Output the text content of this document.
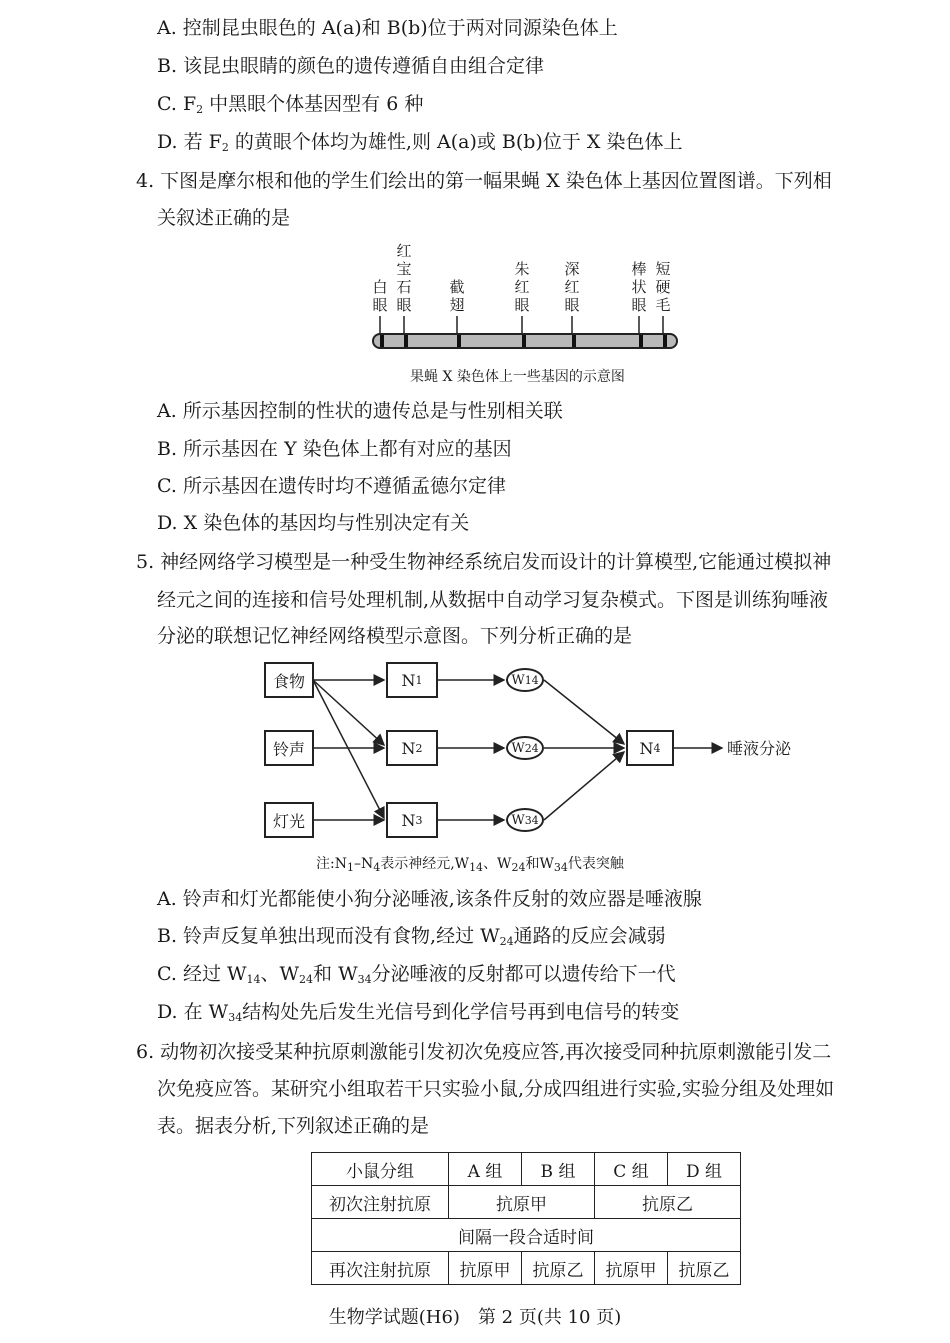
A. 控制昆虫眼色的 A(a)和 B(b)位于两对同源染色体上
B. 该昆虫眼睛的颜色的遗传遵循自由组合定律
C. $F_2$ 中黑眼个体基因型有 6 种
D. 若 $F_2$ 的黄眼个体均为雄性,则 A(a)或 B(b)位于 X 染色体上
4. 下图是摩尔根和他的学生们绘出的第一幅果蝇 X 染色体上基因位置图谱。下列相
关叙述正确的是
白眼
红宝石眼
截翅
朱红眼
深红眼
棒状眼
短硬毛
果蝇 X 染色体上一些基因的示意图
A. 所示基因控制的性状的遗传总是与性别相关联
B. 所示基因在 Y 染色体上都有对应的基因
C. 所示基因在遗传时均不遵循孟德尔定律
D. X 染色体的基因均与性别决定有关
5. 神经网络学习模型是一种受生物神经系统启发而设计的计算模型,它能通过模拟神
经元之间的连接和信号处理机制,从数据中自动学习复杂模式。下图是训练狗唾液
分泌的联想记忆神经网络模型示意图。下列分析正确的是
食物
铃声
灯光
N 1
N 2
N 3
W 14
W 24
W 34
N 4	唾液分泌
注$:N_1-N_4$表示神经元$,W_{14}$、$W_{24}$和$W_{34}$代表突触
A. 铃声和灯光都能使小狗分泌唾液,该条件反射的效应器是唾液腺
B. 铃声反复单独出现而没有食物,经过 $W_{24}$通路的反应会减弱
C. 经过 $W_{14}$、$W_{24}$和 $W_{34}$分泌唾液的反射都可以遗传给下一代
D. 在 $W_{34}$结构处先后发生光信号到化学信号再到电信号的转变
6. 动物初次接受某种抗原刺激能引发初次免疫应答,再次接受同种抗原刺激能引发二
次免疫应答。某研究小组取若干只实验小鼠,分成四组进行实验,实验分组及处理如
表。据表分析,下列叙述正确的是
小鼠分组	A 组	B 组	C 组	D 组
初次注射抗原	抗原甲		抗原乙	
间隔一段合适时间				
再次注射抗原	抗原甲	抗原乙	抗原甲	抗原乙
生物学试题(H6)　第 2 页(共 10 页)
